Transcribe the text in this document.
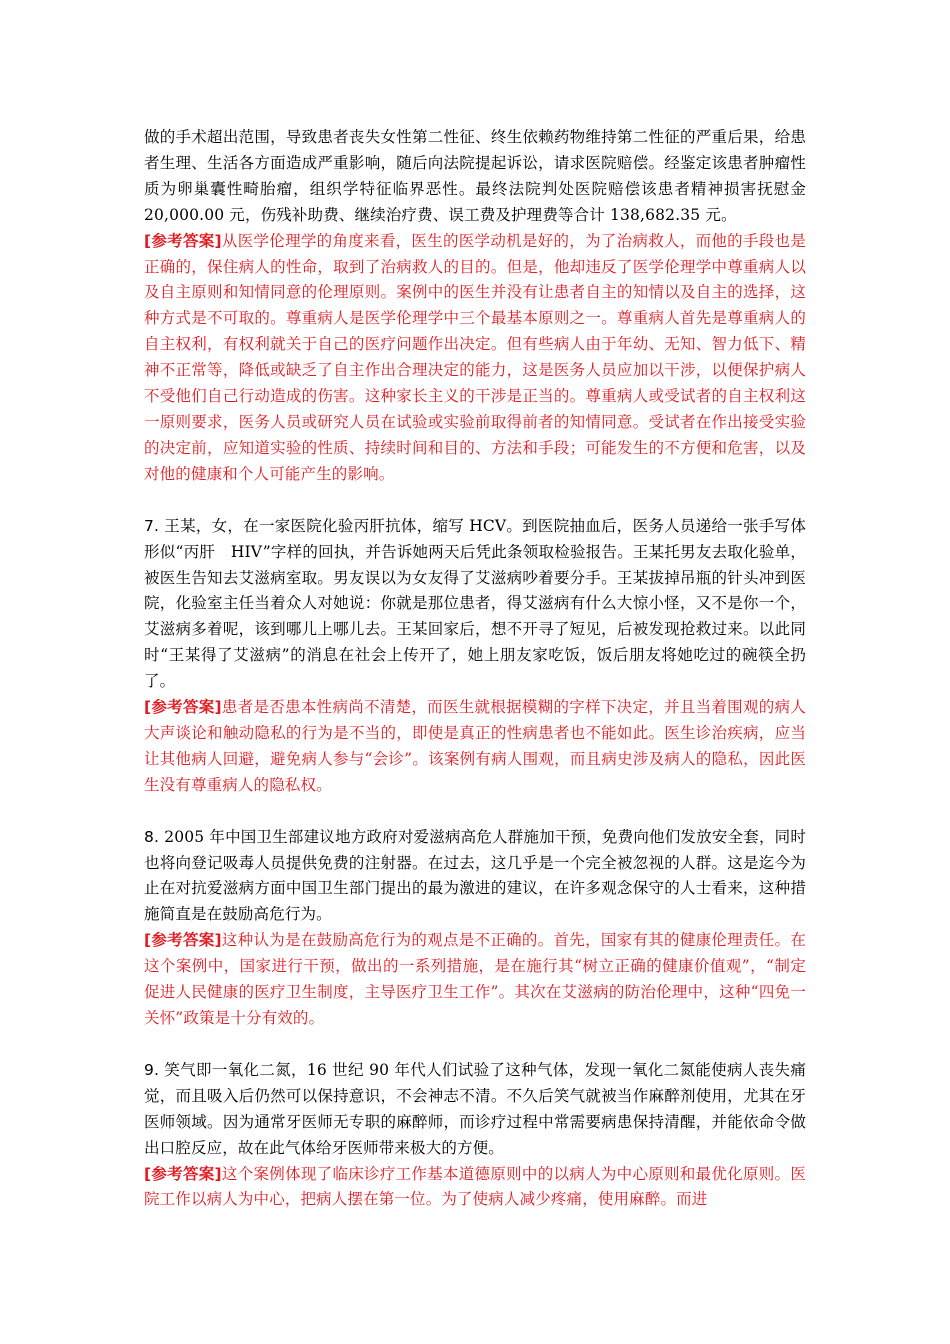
做的手术超出范围，导致患者丧失女性第二性征、终生依赖药物维持第二性征的严重后果，给患者生理、生活各方面造成严重影响，随后向法院提起诉讼，请求医院赔偿。经鉴定该患者肿瘤性质为卵巢囊性畸胎瘤，组织学特征临界恶性。最终法院判处医院赔偿该患者精神损害抚慰金 20,000.00 元，伤残补助费、继续治疗费、误工费及护理费等合计 138,682.35 元。

[参考答案]从医学伦理学的角度来看，医生的医学动机是好的，为了治病救人，而他的手段也是正确的，保住病人的性命，取到了治病救人的目的。但是，他却违反了医学伦理学中尊重病人以及自主原则和知情同意的伦理原则。案例中的医生并没有让患者自主的知情以及自主的选择，这种方式是不可取的。尊重病人是医学伦理学中三个最基本原则之一。尊重病人首先是尊重病人的自主权利，有权利就关于自己的医疗问题作出决定。但有些病人由于年幼、无知、智力低下、精神不正常等，降低或缺乏了自主作出合理决定的能力，这是医务人员应加以干涉，以便保护病人不受他们自己行动造成的伤害。这种家长主义的干涉是正当的。尊重病人或受试者的自主权利这一原则要求，医务人员或研究人员在试验或实验前取得前者的知情同意。受试者在作出接受实验的决定前，应知道实验的性质、持续时间和目的、方法和手段；可能发生的不方便和危害，以及对他的健康和个人可能产生的影响。

7. 王某，女，在一家医院化验丙肝抗体，缩写 HCV。到医院抽血后，医务人员递给一张手写体形似“丙肝　HIV”字样的回执，并告诉她两天后凭此条领取检验报告。王某托男友去取化验单，被医生告知去艾滋病室取。男友误以为女友得了艾滋病吵着要分手。王某拔掉吊瓶的针头冲到医院，化验室主任当着众人对她说：你就是那位患者，得艾滋病有什么大惊小怪，又不是你一个，艾滋病多着呢，该到哪儿上哪儿去。王某回家后，想不开寻了短见，后被发现抢救过来。以此同时“王某得了艾滋病”的消息在社会上传开了，她上朋友家吃饭，饭后朋友将她吃过的碗筷全扔了。

[参考答案]患者是否患本性病尚不清楚，而医生就根据模糊的字样下决定，并且当着围观的病人大声谈论和触动隐私的行为是不当的，即使是真正的性病患者也不能如此。医生诊治疾病，应当让其他病人回避，避免病人参与“会诊”。该案例有病人围观，而且病史涉及病人的隐私，因此医生没有尊重病人的隐私权。

8. 2005 年中国卫生部建议地方政府对爱滋病高危人群施加干预，免费向他们发放安全套，同时也将向登记吸毒人员提供免费的注射器。在过去，这几乎是一个完全被忽视的人群。这是迄今为止在对抗爱滋病方面中国卫生部门提出的最为激进的建议，在许多观念保守的人士看来，这种措施简直是在鼓励高危行为。

[参考答案]这种认为是在鼓励高危行为的观点是不正确的。首先，国家有其的健康伦理责任。在这个案例中，国家进行干预，做出的一系列措施，是在施行其“树立正确的健康价值观”，“制定促进人民健康的医疗卫生制度，主导医疗卫生工作”。其次在艾滋病的防治伦理中，这种“四免一关怀”政策是十分有效的。

9. 笑气即一氧化二氮，16 世纪 90 年代人们试验了这种气体，发现一氧化二氮能使病人丧失痛觉，而且吸入后仍然可以保持意识，不会神志不清。不久后笑气就被当作麻醉剂使用，尤其在牙医师领域。因为通常牙医师无专职的麻醉师，而诊疗过程中常需要病患保持清醒，并能依命令做出口腔反应，故在此气体给牙医师带来极大的方便。

[参考答案]这个案例体现了临床诊疗工作基本道德原则中的以病人为中心原则和最优化原则。医院工作以病人为中心，把病人摆在第一位。为了使病人减少疼痛，使用麻醉。而进
